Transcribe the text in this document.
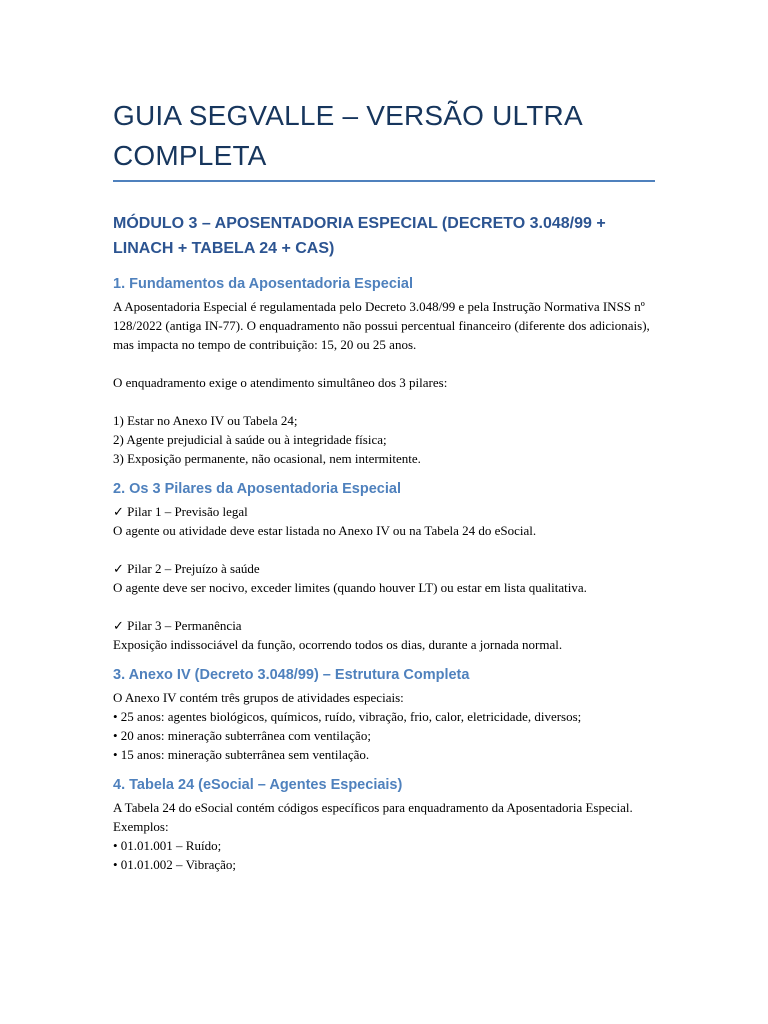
GUIA SEGVALLE – VERSÃO ULTRA COMPLETA
MÓDULO 3 – APOSENTADORIA ESPECIAL (DECRETO 3.048/99 + LINACH + TABELA 24 + CAS)
1. Fundamentos da Aposentadoria Especial

A Aposentadoria Especial é regulamentada pelo Decreto 3.048/99 e pela Instrução Normativa INSS nº 128/2022 (antiga IN-77). O enquadramento não possui percentual financeiro (diferente dos adicionais), mas impacta no tempo de contribuição: 15, 20 ou 25 anos.

O enquadramento exige o atendimento simultâneo dos 3 pilares:

1) Estar no Anexo IV ou Tabela 24;
2) Agente prejudicial à saúde ou à integridade física;
3) Exposição permanente, não ocasional, nem intermitente.

2. Os 3 Pilares da Aposentadoria Especial

✓ Pilar 1 – Previsão legal
O agente ou atividade deve estar listada no Anexo IV ou na Tabela 24 do eSocial.

✓ Pilar 2 – Prejuízo à saúde
O agente deve ser nocivo, exceder limites (quando houver LT) ou estar em lista qualitativa.

✓ Pilar 3 – Permanência
Exposição indissociável da função, ocorrendo todos os dias, durante a jornada normal.

3. Anexo IV (Decreto 3.048/99) – Estrutura Completa

O Anexo IV contém três grupos de atividades especiais:
• 25 anos: agentes biológicos, químicos, ruído, vibração, frio, calor, eletricidade, diversos;
• 20 anos: mineração subterrânea com ventilação;
• 15 anos: mineração subterrânea sem ventilação.

4. Tabela 24 (eSocial – Agentes Especiais)

A Tabela 24 do eSocial contém códigos específicos para enquadramento da Aposentadoria Especial.

Exemplos:
• 01.01.001 – Ruído;
• 01.01.002 – Vibração;
